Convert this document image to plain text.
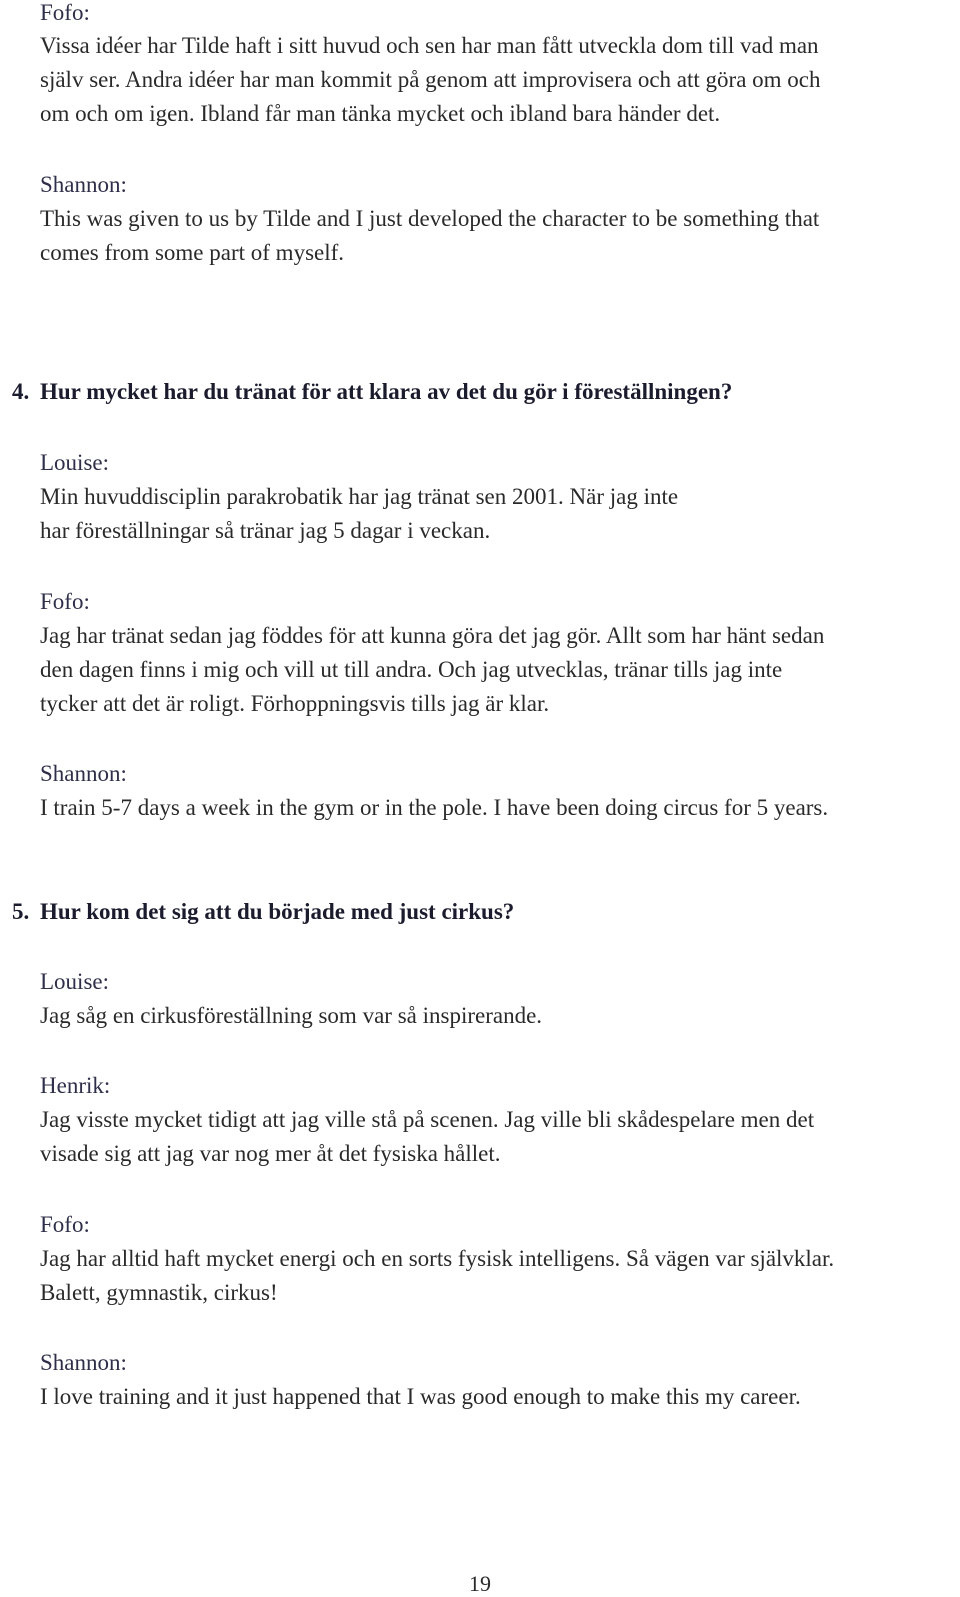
Fofo:
Vissa idéer har Tilde haft i sitt huvud och sen har man fått utveckla dom till vad man
själv ser. Andra idéer har man kommit på genom att improvisera och att göra om och
om och om igen. Ibland får man tänka mycket och ibland bara händer det.
Shannon:
This was given to us by Tilde and I just developed the character to be something that
comes from some part of myself.
4. Hur mycket har du tränat för att klara av det du gör i föreställningen?
Louise:
Min huvuddisciplin parakrobatik har jag tränat sen 2001. När jag inte
har föreställningar så tränar jag 5 dagar i veckan.
Fofo:
Jag har tränat sedan jag föddes för att kunna göra det jag gör. Allt som har hänt sedan
den dagen finns i mig och vill ut till andra. Och jag utvecklas, tränar tills jag inte
tycker att det är roligt. Förhoppningsvis tills jag är klar.
Shannon:
I train 5-7 days a week in the gym or in the pole. I have been doing circus for 5 years.
5. Hur kom det sig att du började med just cirkus?
Louise:
Jag såg en cirkusföreställning som var så inspirerande.
Henrik:
Jag visste mycket tidigt att jag ville stå på scenen. Jag ville bli skådespelare men det
visade sig att jag var nog mer åt det fysiska hållet.
Fofo:
Jag har alltid haft mycket energi och en sorts fysisk intelligens. Så vägen var självklar.
Balett, gymnastik, cirkus!
Shannon:
I love training and it just happened that I was good enough to make this my career.
19
